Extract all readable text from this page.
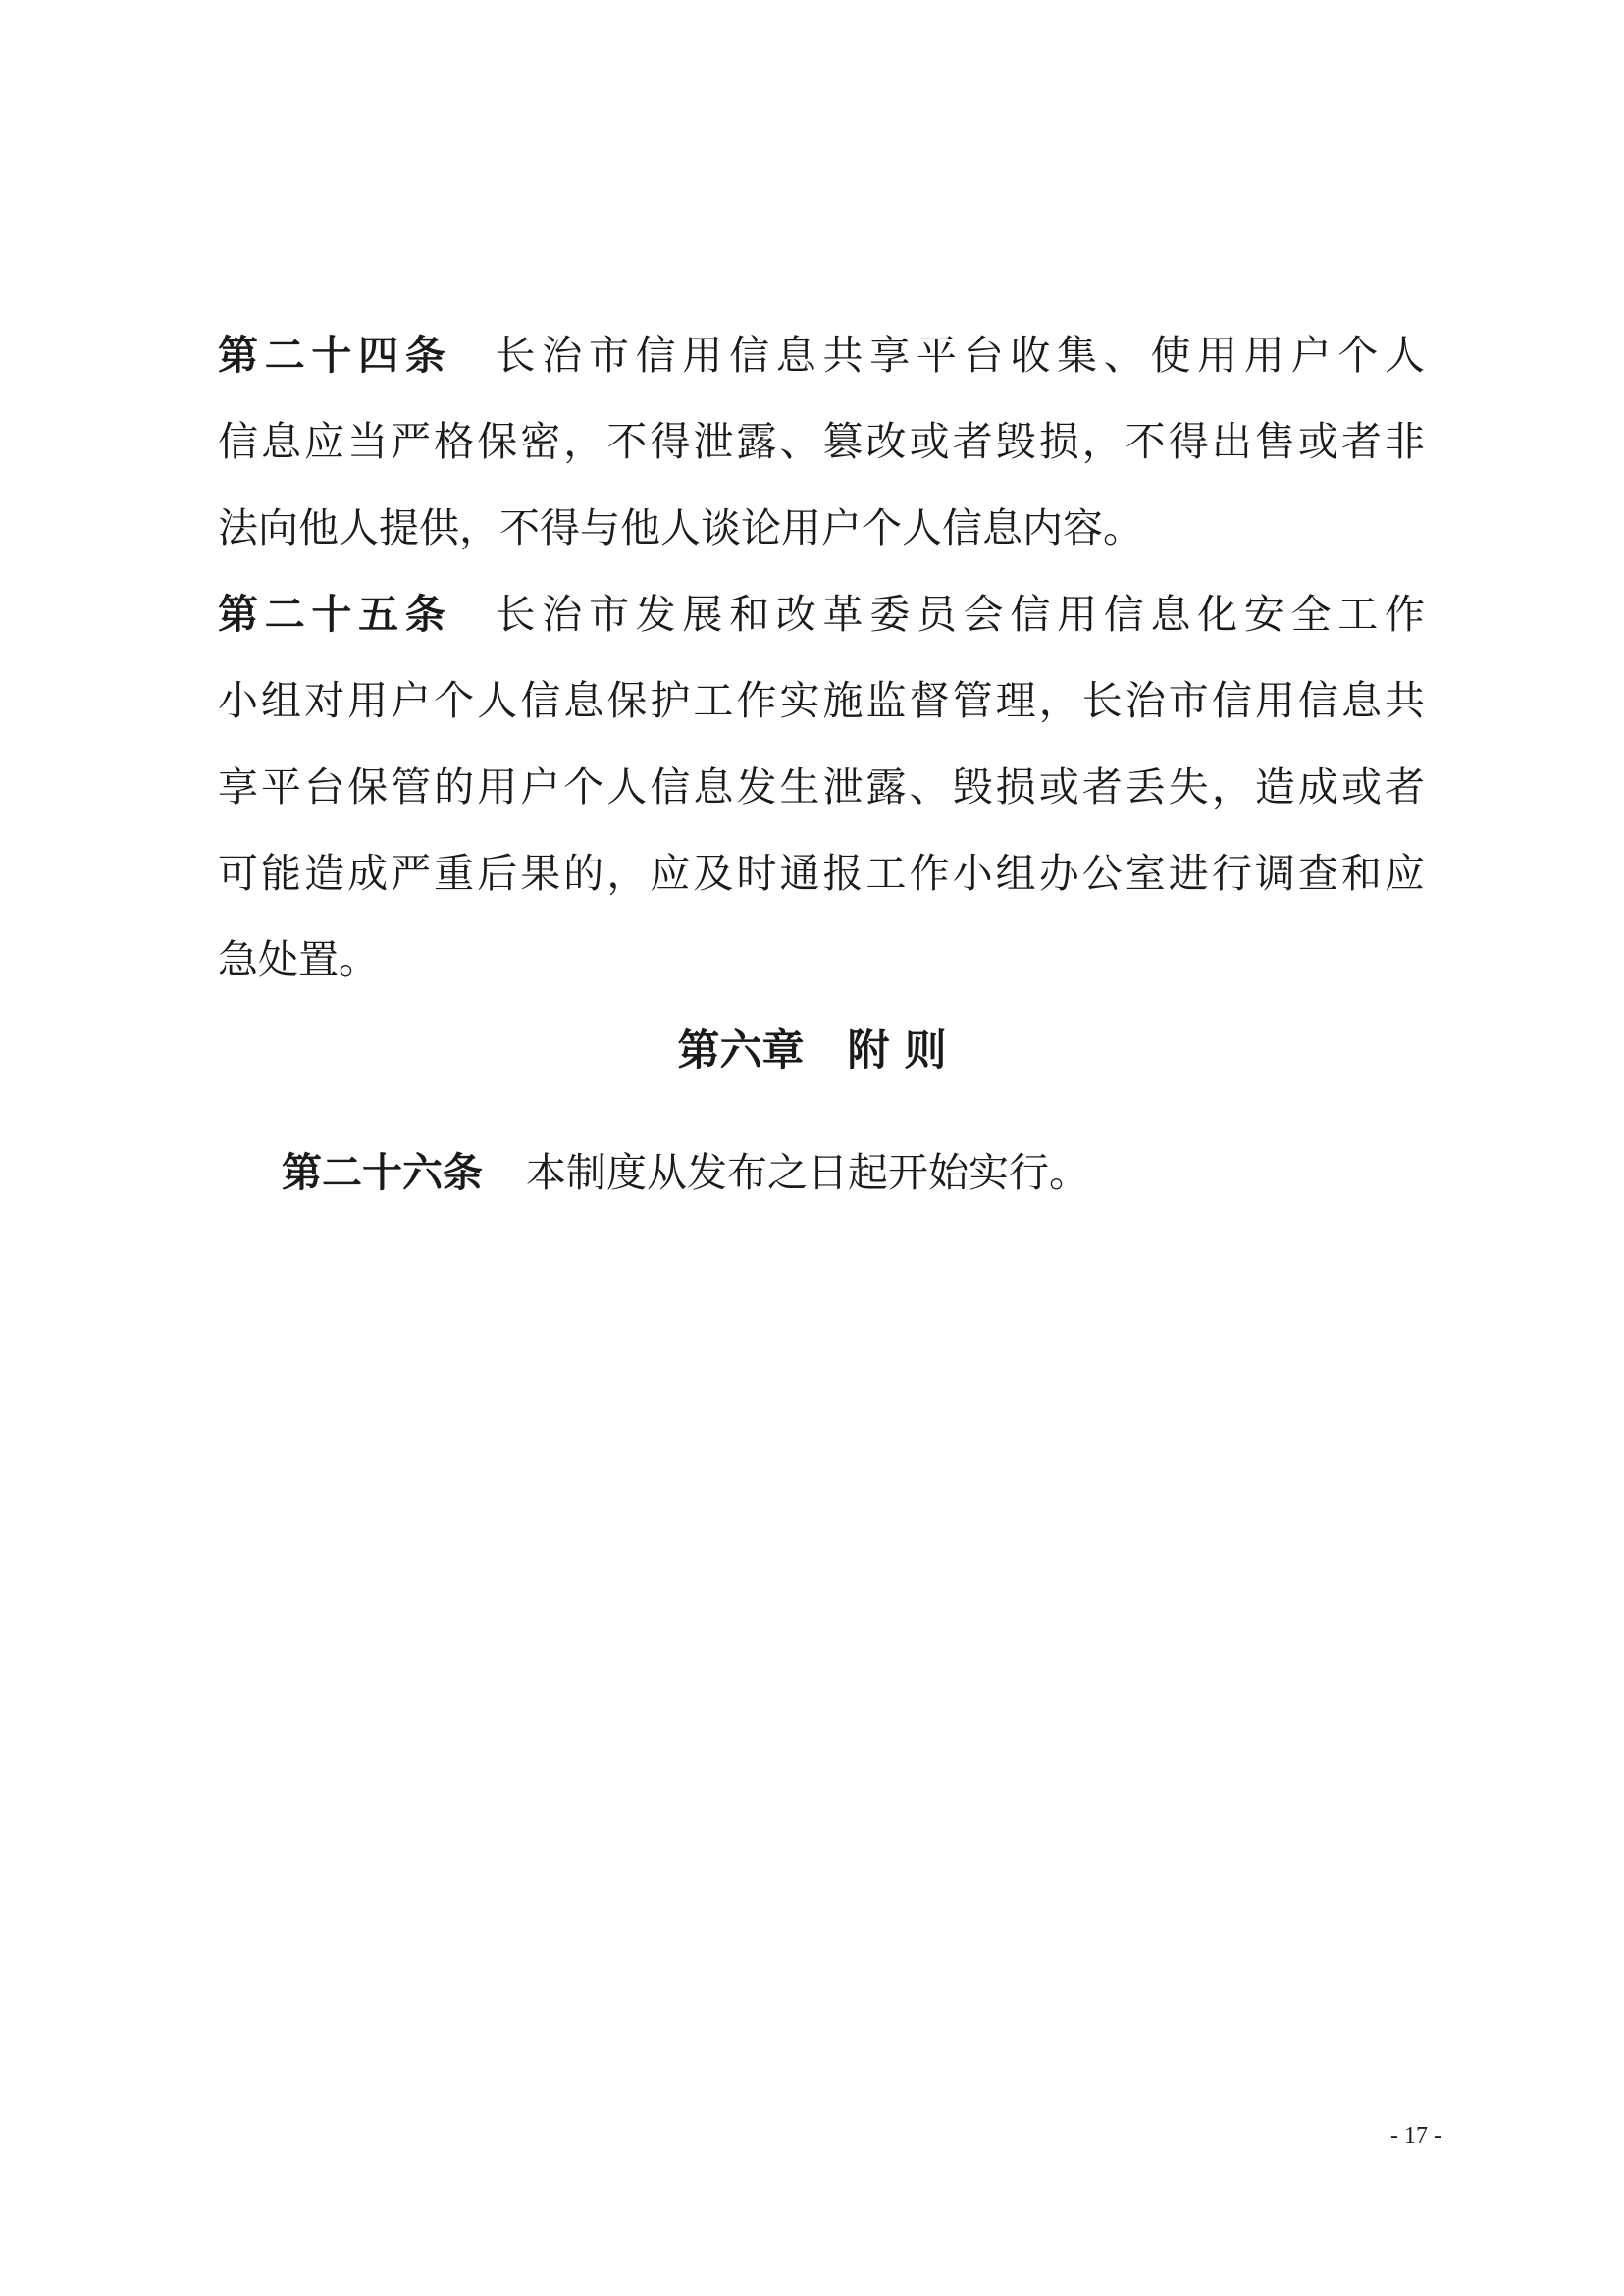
第二十四条 长治市信用信息共享平台收集、使用用户个人
信息应当严格保密，不得泄露、篡改或者毁损，不得出售或者非
法向他人提供，不得与他人谈论用户个人信息内容。
第二十五条 长治市发展和改革委员会信用信息化安全工作
小组对用户个人信息保护工作实施监督管理，长治市信用信息共
享平台保管的用户个人信息发生泄露、毁损或者丢失，造成或者
可能造成严重后果的，应及时通报工作小组办公室进行调查和应
急处置。
第六章 附 则
第二十六条 本制度从发布之日起开始实行。
- 17 -
